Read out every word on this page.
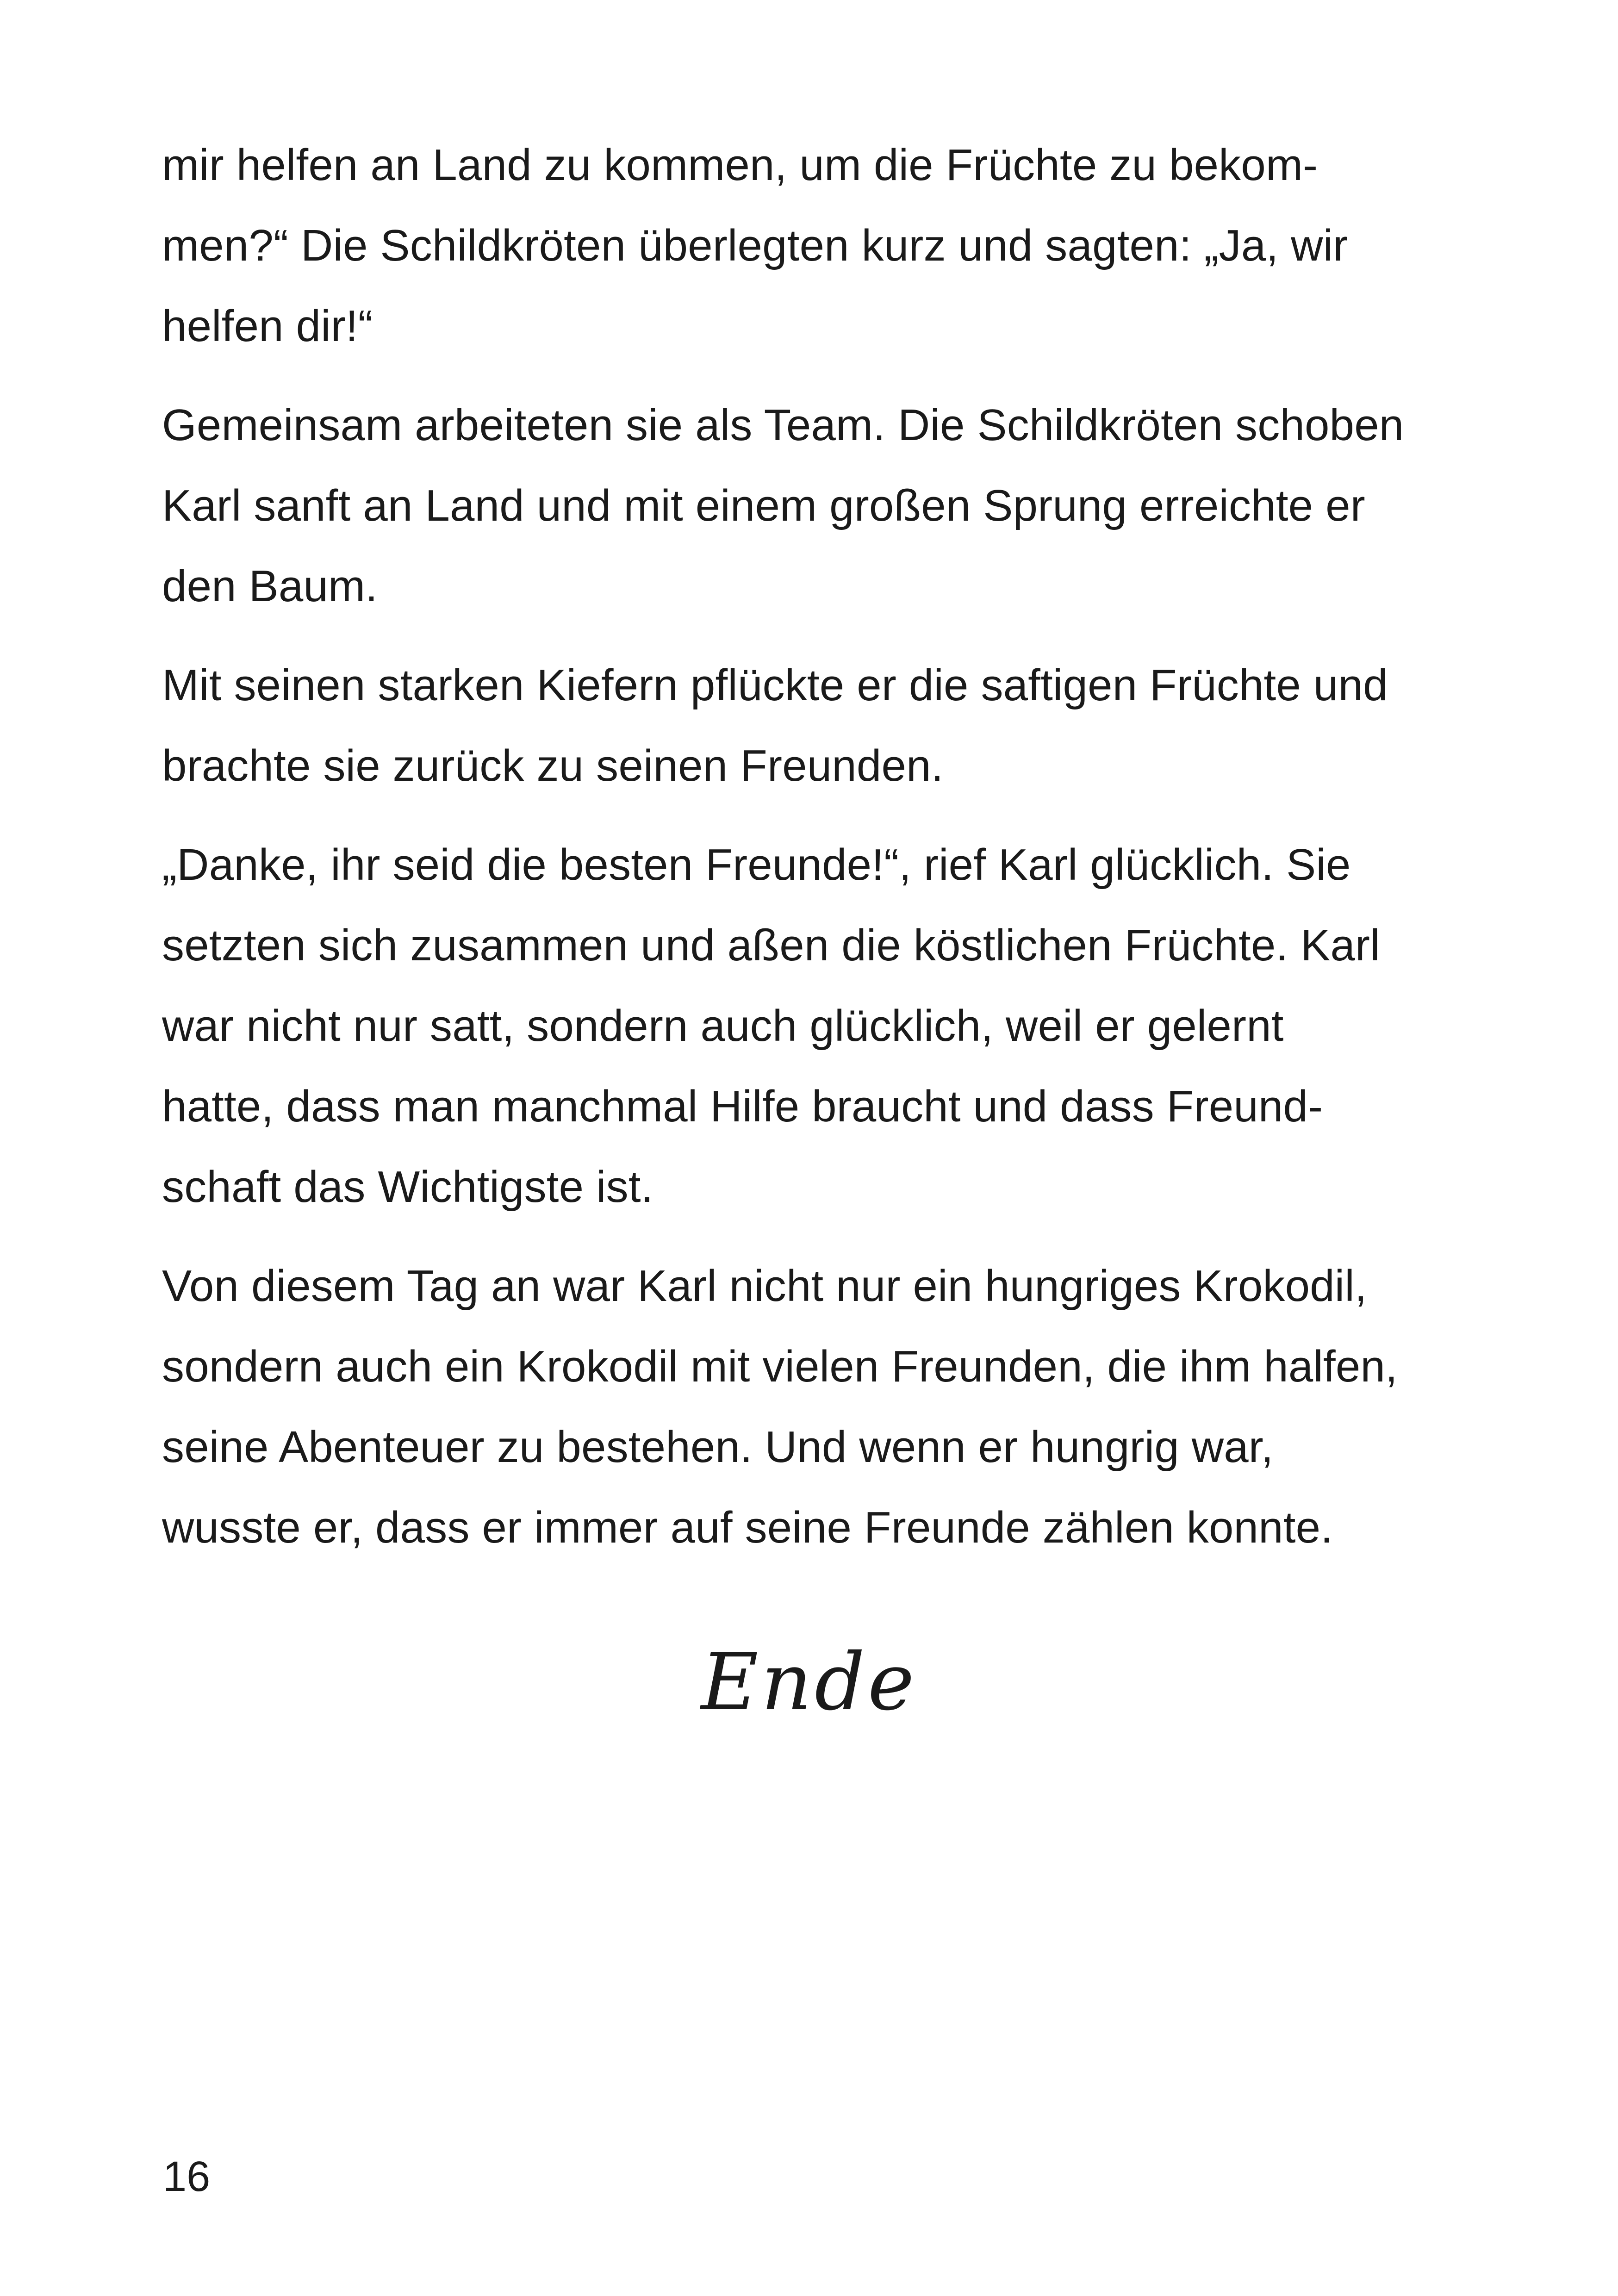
mir helfen an Land zu kommen, um die Früchte zu bekom-
men?“ Die Schildkröten überlegten kurz und sagten: „Ja, wir
helfen dir!“

Gemeinsam arbeiteten sie als Team. Die Schildkröten schoben
Karl sanft an Land und mit einem großen Sprung erreichte er
den Baum.

Mit seinen starken Kiefern pflückte er die saftigen Früchte und
brachte sie zurück zu seinen Freunden.

„Danke, ihr seid die besten Freunde!“, rief Karl glücklich. Sie
setzten sich zusammen und aßen die köstlichen Früchte. Karl
war nicht nur satt, sondern auch glücklich, weil er gelernt
hatte, dass man manchmal Hilfe braucht und dass Freund-
schaft das Wichtigste ist.

Von diesem Tag an war Karl nicht nur ein hungriges Krokodil,
sondern auch ein Krokodil mit vielen Freunden, die ihm halfen,
seine Abenteuer zu bestehen. Und wenn er hungrig war,
wusste er, dass er immer auf seine Freunde zählen konnte.

Ende

16
